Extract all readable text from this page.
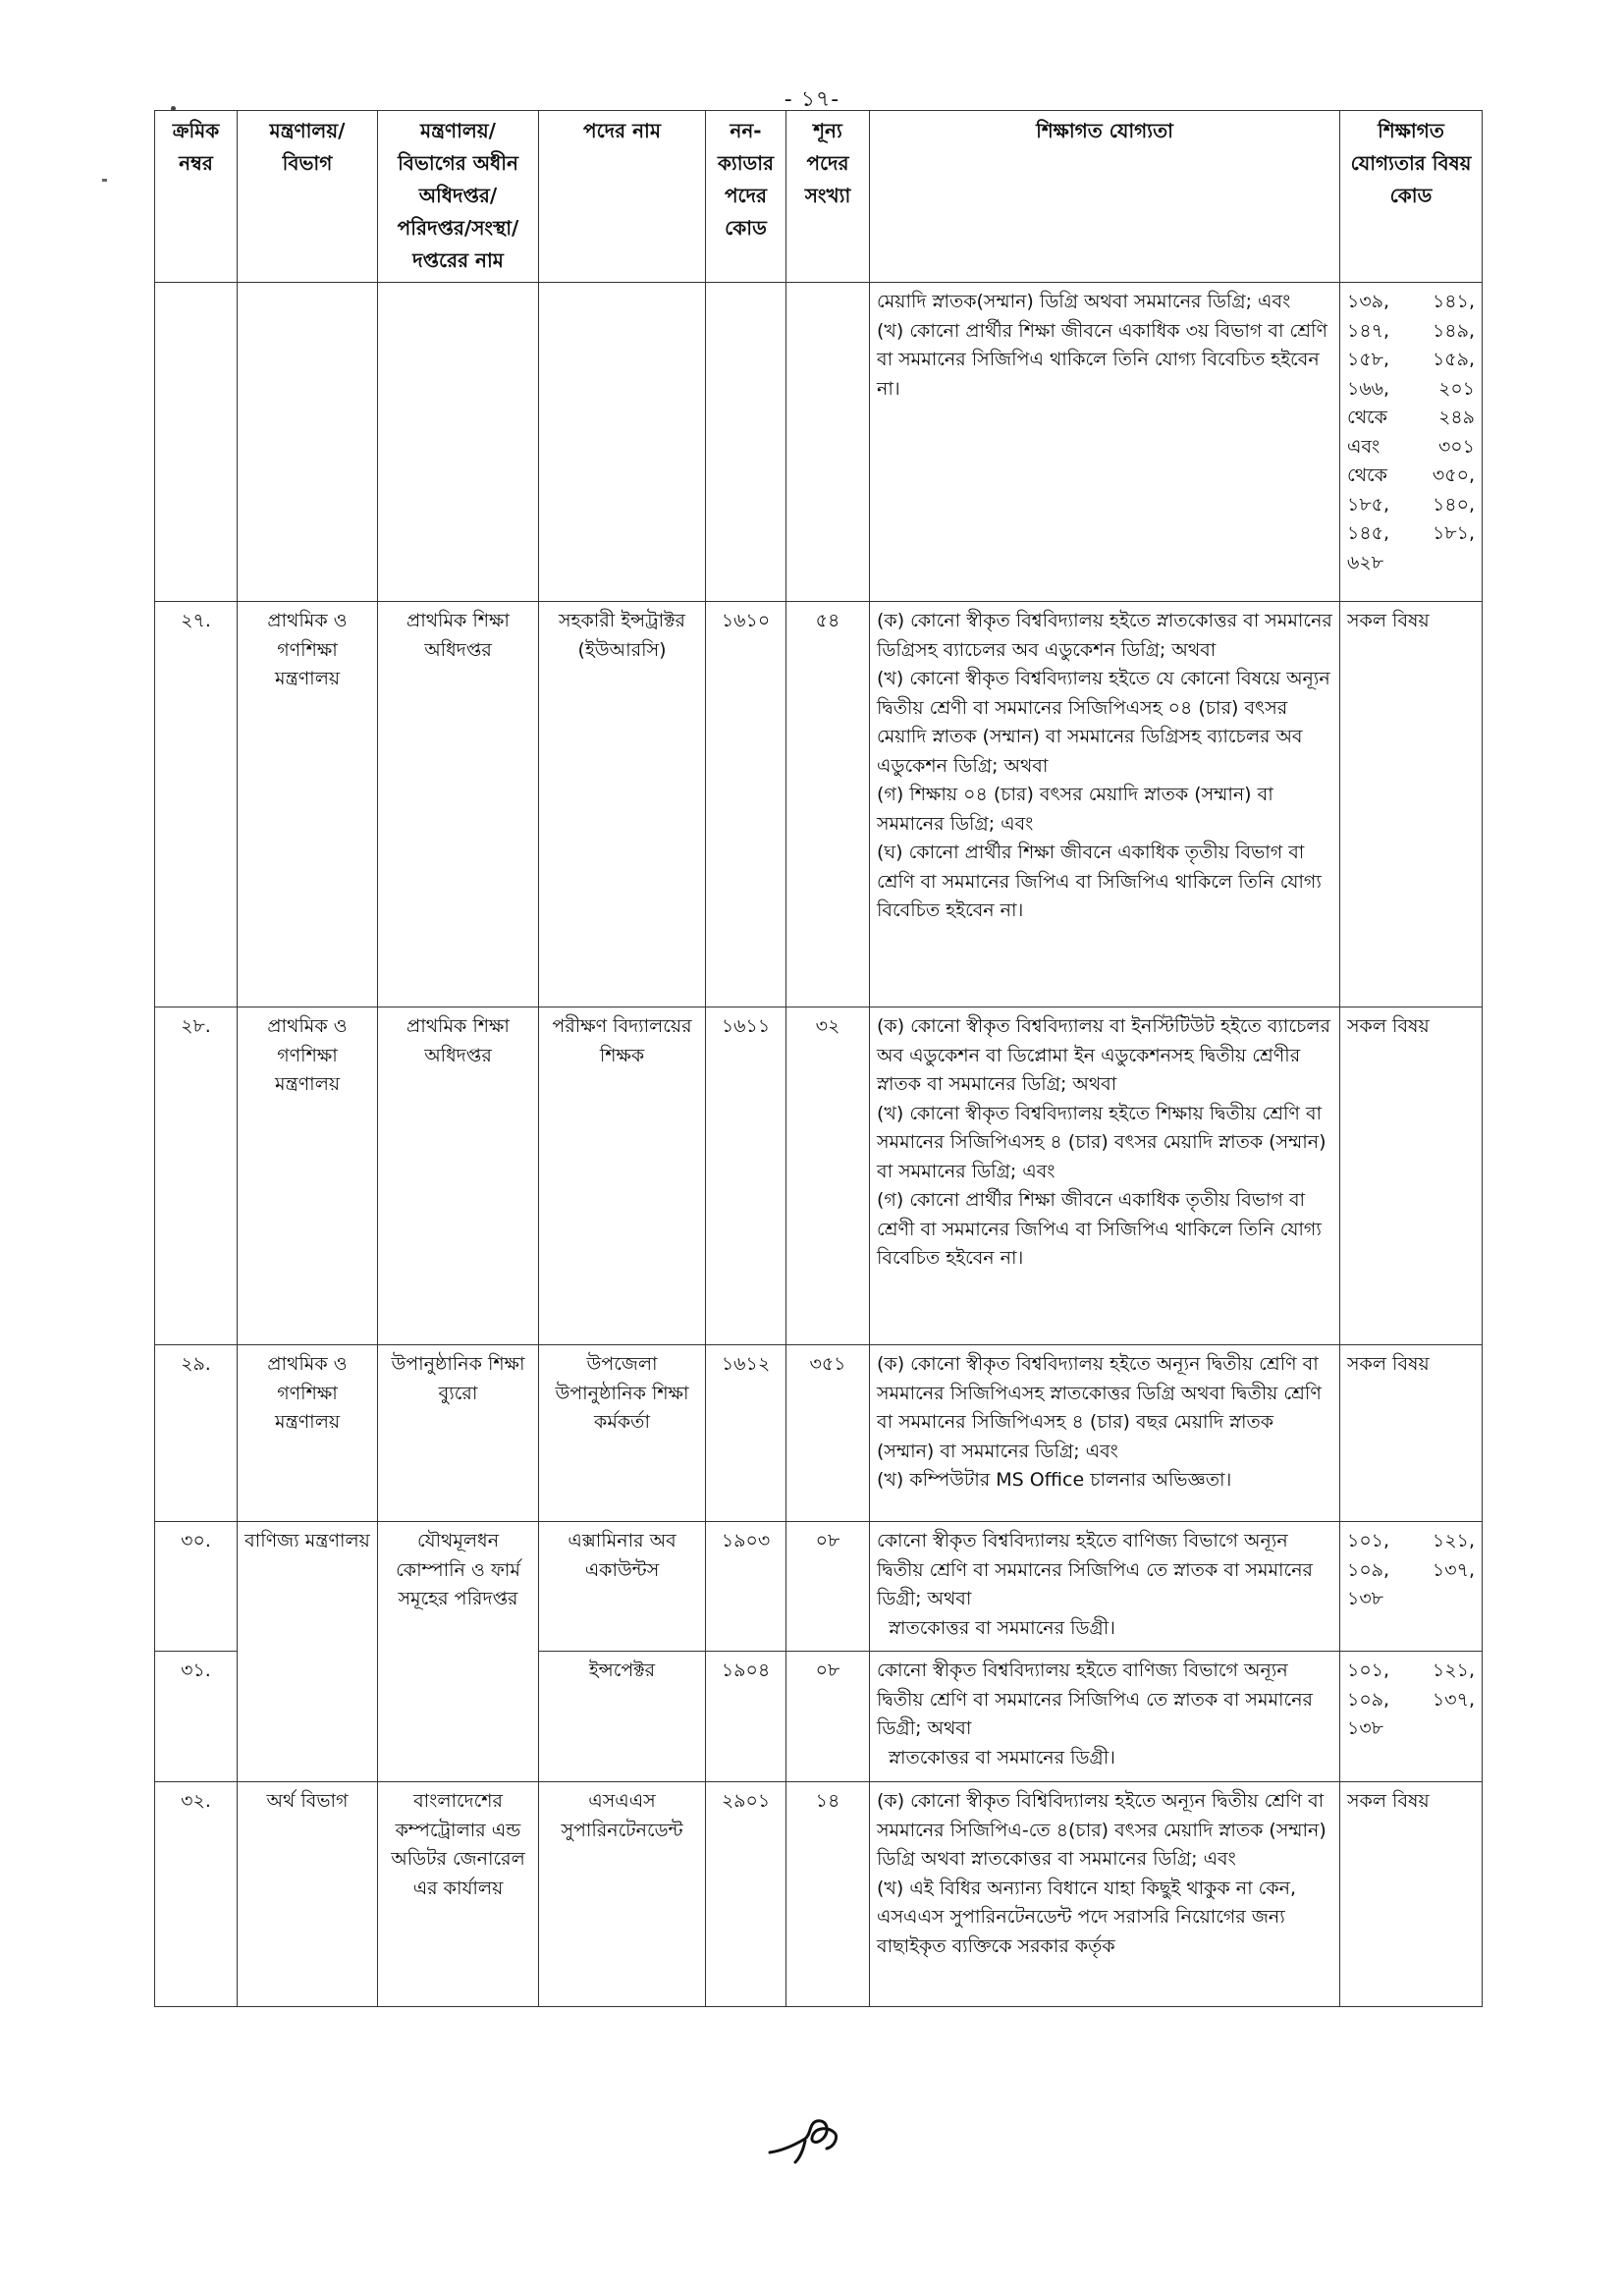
- ১৭-
ক্রমিক নম্বর	মন্ত্রণালয়/ বিভাগ	মন্ত্রণালয়/ বিভাগের অধীন অধিদপ্তর/ পরিদপ্তর/সংস্থা/ দপ্তরের নাম	পদের নাম	নন- ক্যাডার পদের কোড	শূন্য পদের সংখ্যা	শিক্ষাগত যোগ্যতা	শিক্ষাগত যোগ্যতার বিষয় কোড

						মেয়াদি স্নাতক(সম্মান) ডিগ্রি অথবা সমমানের ডিগ্রি; এবং
(খ) কোনো প্রার্থীর শিক্ষা জীবনে একাধিক ৩য় বিভাগ বা শ্রেণি বা সমমানের সিজিপিএ থাকিলে তিনি যোগ্য বিবেচিত হইবেন না।	১৩৯, ১৪১, ১৪৭, ১৪৯, ১৫৮, ১৫৯, ১৬৬, ২০১ থেকে ২৪৯ এবং ৩০১ থেকে ৩৫০, ১৮৫, ১৪০, ১৪৫, ১৮১, ৬২৮
২৭.	প্রাথমিক ও গণশিক্ষা মন্ত্রণালয়	প্রাথমিক শিক্ষা অধিদপ্তর	সহকারী ইন্সট্রাক্টর (ইউআরসি)	১৬১০	৫৪	(ক) কোনো স্বীকৃত বিশ্ববিদ্যালয় হইতে স্নাতকোত্তর বা সমমানের ডিগ্রিসহ ব্যাচেলর অব এডুকেশন ডিগ্রি; অথবা
(খ) কোনো স্বীকৃত বিশ্ববিদ্যালয় হইতে যে কোনো বিষয়ে অন্যূন দ্বিতীয় শ্রেণী বা সমমানের সিজিপিএসহ ০৪ (চার) বৎসর মেয়াদি স্নাতক (সম্মান) বা সমমানের ডিগ্রিসহ ব্যাচেলর অব এডুকেশন ডিগ্রি; অথবা
(গ) শিক্ষায় ০৪ (চার) বৎসর মেয়াদি স্নাতক (সম্মান) বা সমমানের ডিগ্রি; এবং
(ঘ) কোনো প্রার্থীর শিক্ষা জীবনে একাধিক তৃতীয় বিভাগ বা শ্রেণি বা সমমানের জিপিএ বা সিজিপিএ থাকিলে তিনি যোগ্য বিবেচিত হইবেন না।	সকল বিষয়
২৮.	প্রাথমিক ও গণশিক্ষা মন্ত্রণালয়	প্রাথমিক শিক্ষা অধিদপ্তর	পরীক্ষণ বিদ্যালয়ের শিক্ষক	১৬১১	৩২	(ক) কোনো স্বীকৃত বিশ্ববিদ্যালয় বা ইনস্টিটিউট হইতে ব্যাচেলর অব এডুকেশন বা ডিপ্লোমা ইন এডুকেশনসহ দ্বিতীয় শ্রেণীর স্নাতক বা সমমানের ডিগ্রি; অথবা
(খ) কোনো স্বীকৃত বিশ্ববিদ্যালয় হইতে শিক্ষায় দ্বিতীয় শ্রেণি বা সমমানের সিজিপিএসহ ৪ (চার) বৎসর মেয়াদি স্নাতক (সম্মান) বা সমমানের ডিগ্রি; এবং
(গ) কোনো প্রার্থীর শিক্ষা জীবনে একাধিক তৃতীয় বিভাগ বা শ্রেণী বা সমমানের জিপিএ বা সিজিপিএ থাকিলে তিনি যোগ্য বিবেচিত হইবেন না।	সকল বিষয়
২৯.	প্রাথমিক ও গণশিক্ষা মন্ত্রণালয়	উপানুষ্ঠানিক শিক্ষা ব্যুরো	উপজেলা উপানুষ্ঠানিক শিক্ষা কর্মকর্তা	১৬১২	৩৫১	(ক) কোনো স্বীকৃত বিশ্ববিদ্যালয় হইতে অন্যূন দ্বিতীয় শ্রেণি বা সমমানের সিজিপিএসহ স্নাতকোত্তর ডিগ্রি অথবা দ্বিতীয় শ্রেণি বা সমমানের সিজিপিএসহ ৪ (চার) বছর মেয়াদি স্নাতক (সম্মান) বা সমমানের ডিগ্রি; এবং
(খ) কম্পিউটার MS Office চালনার অভিজ্ঞতা।	সকল বিষয়
৩০.	বাণিজ্য মন্ত্রণালয়	যৌথমূলধন কোম্পানি ও ফার্ম সমূহের পরিদপ্তর	এক্সামিনার অব একাউন্টস	১৯০৩	০৮	কোনো স্বীকৃত বিশ্ববিদ্যালয় হইতে বাণিজ্য বিভাগে অন্যূন দ্বিতীয় শ্রেণি বা সমমানের সিজিপিএ তে স্নাতক বা সমমানের ডিগ্রী; অথবা
স্নাতকোত্তর বা সমমানের ডিগ্রী।	১০১, ১২১, ১০৯, ১৩৭, ১৩৮
৩১.			ইন্সপেক্টর	১৯০৪	০৮	কোনো স্বীকৃত বিশ্ববিদ্যালয় হইতে বাণিজ্য বিভাগে অন্যূন দ্বিতীয় শ্রেণি বা সমমানের সিজিপিএ তে স্নাতক বা সমমানের ডিগ্রী; অথবা
স্নাতকোত্তর বা সমমানের ডিগ্রী।	১০১, ১২১, ১০৯, ১৩৭, ১৩৮
৩২.	অর্থ বিভাগ	বাংলাদেশের কম্পট্রোলার এন্ড অডিটর জেনারেল এর কার্যালয়	এসএএস সুপারিনটেনডেন্ট	২৯০১	১৪	(ক) কোনো স্বীকৃত বিশ্বিবিদ্যালয় হইতে অন্যূন দ্বিতীয় শ্রেণি বা সমমানের সিজিপিএ-তে ৪(চার) বৎসর মেয়াদি স্নাতক (সম্মান) ডিগ্রি অথবা স্নাতকোত্তর বা সমমানের ডিগ্রি; এবং
(খ) এই বিধির অন্যান্য বিধানে যাহা কিছুই থাকুক না কেন, এসএএস সুপারিনটেনডেন্ট পদে সরাসরি নিয়োগের জন্য বাছাইকৃত ব্যক্তিকে সরকার কর্তৃক	সকল বিষয়
